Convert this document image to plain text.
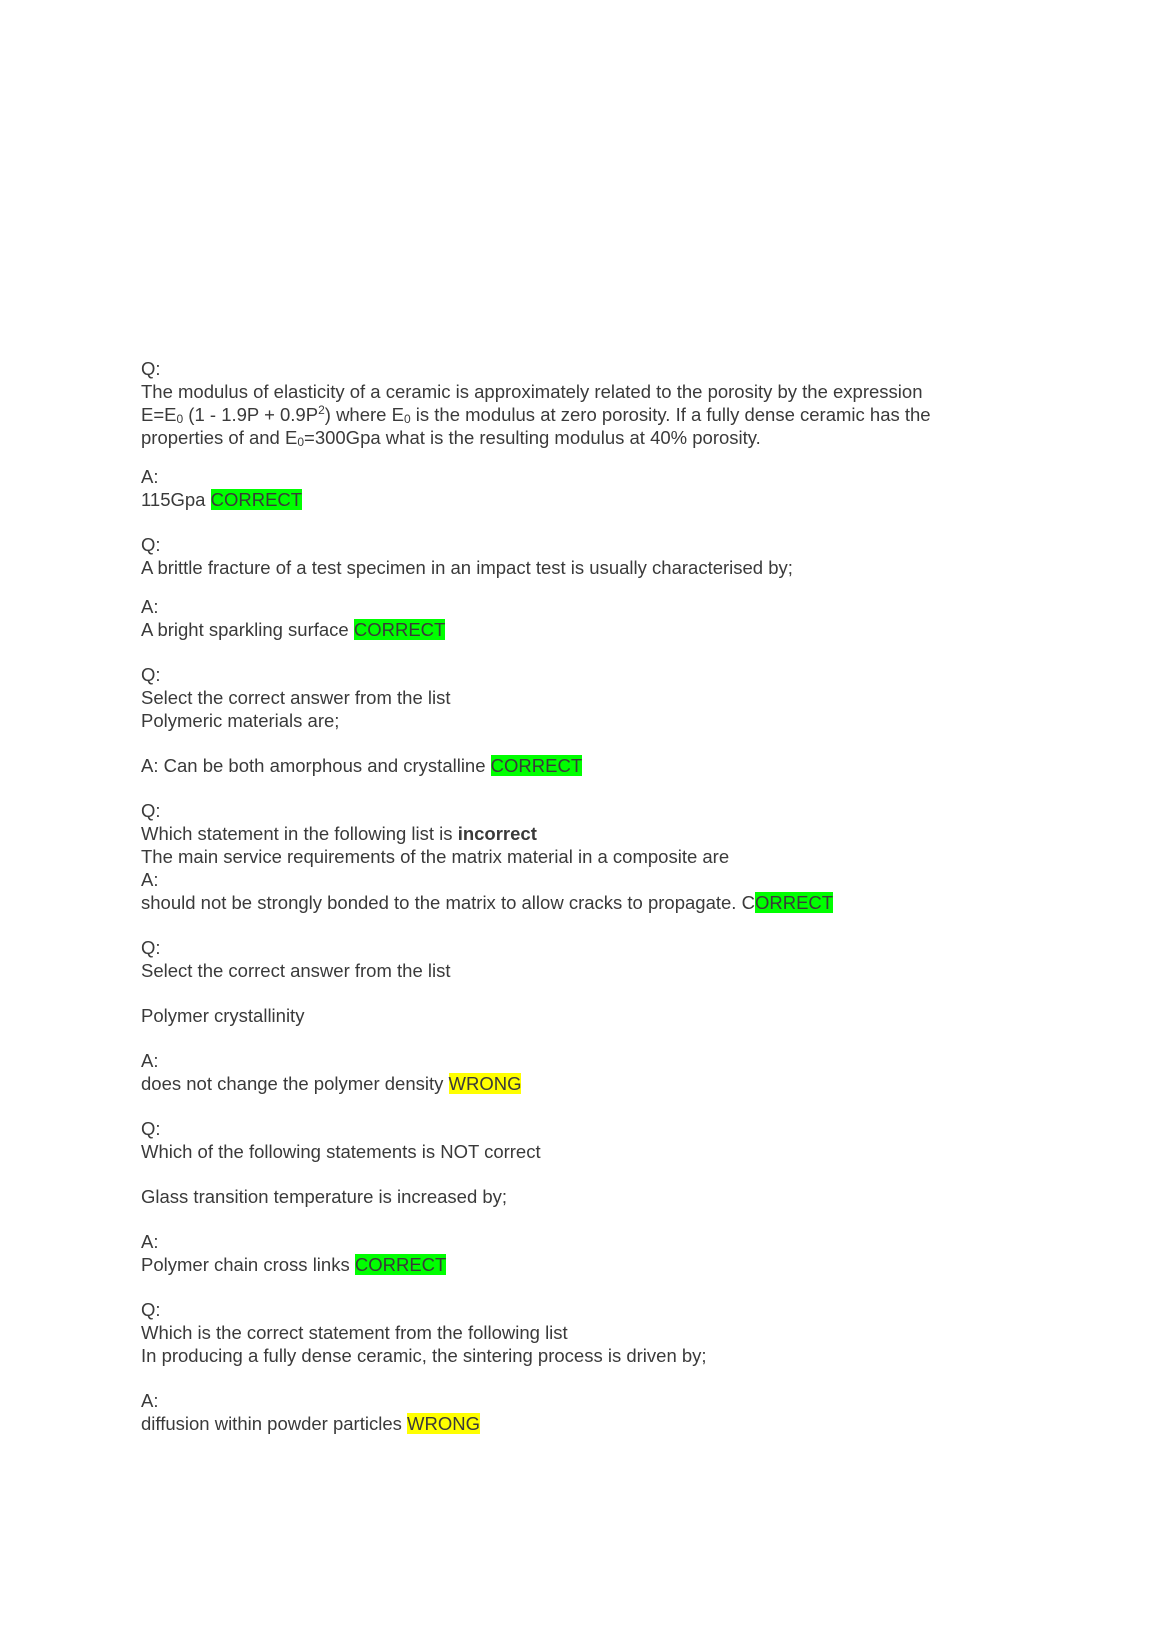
Q:
The modulus of elasticity of a ceramic is approximately related to the porosity by the expression
$E=E_0$ $(1 - 1.9P + 0.9P^2)$ where $E_0$ is the modulus at zero porosity. If a fully dense ceramic has the
properties of and $E_0=300Gpa$ what is the resulting modulus at 40% porosity.
A:
115Gpa CORRECT
Q:
A brittle fracture of a test specimen in an impact test is usually characterised by;
A:
A bright sparkling surface CORRECT
Q:
Select the correct answer from the list
Polymeric materials are;
A: Can be both amorphous and crystalline CORRECT
Q:
Which statement in the following list is incorrect
The main service requirements of the matrix material in a composite are
A:
should not be strongly bonded to the matrix to allow cracks to propagate. CORRECT
Q:
Select the correct answer from the list
Polymer crystallinity
A:
does not change the polymer density WRONG
Q:
Which of the following statements is NOT correct
Glass transition temperature is increased by;
A:
Polymer chain cross links CORRECT
Q:
Which is the correct statement from the following list
In producing a fully dense ceramic, the sintering process is driven by;
A:
diffusion within powder particles WRONG
